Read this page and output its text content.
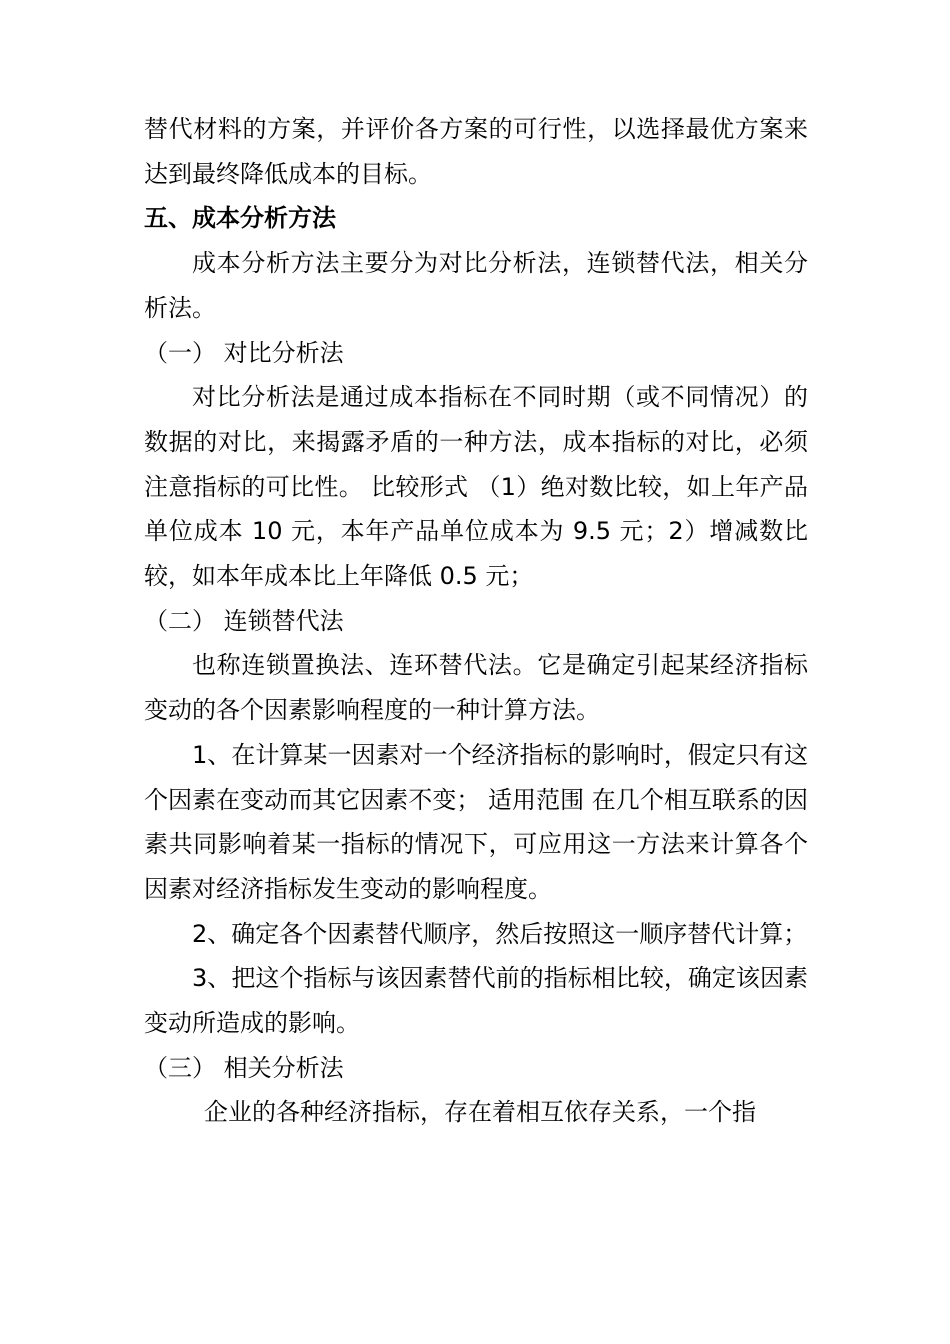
替代材料的方案，并评价各方案的可行性，以选择最优方案来达到最终降低成本的目标。

五、成本分析方法

成本分析方法主要分为对比分析法，连锁替代法，相关分析法。

（一） 对比分析法

对比分析法是通过成本指标在不同时期（或不同情况）的数据的对比，来揭露矛盾的一种方法，成本指标的对比，必须注意指标的可比性。 比较形式 （1）绝对数比较，如上年产品单位成本 10 元，本年产品单位成本为 9.5 元；2）增减数比较，如本年成本比上年降低 0.5 元；

（二） 连锁替代法

也称连锁置换法、连环替代法。它是确定引起某经济指标变动的各个因素影响程度的一种计算方法。

1、在计算某一因素对一个经济指标的影响时，假定只有这个因素在变动而其它因素不变； 适用范围 在几个相互联系的因素共同影响着某一指标的情况下，可应用这一方法来计算各个因素对经济指标发生变动的影响程度。

2、确定各个因素替代顺序，然后按照这一顺序替代计算；

3、把这个指标与该因素替代前的指标相比较，确定该因素变动所造成的影响。

（三） 相关分析法

企业的各种经济指标，存在着相互依存关系，一个指
